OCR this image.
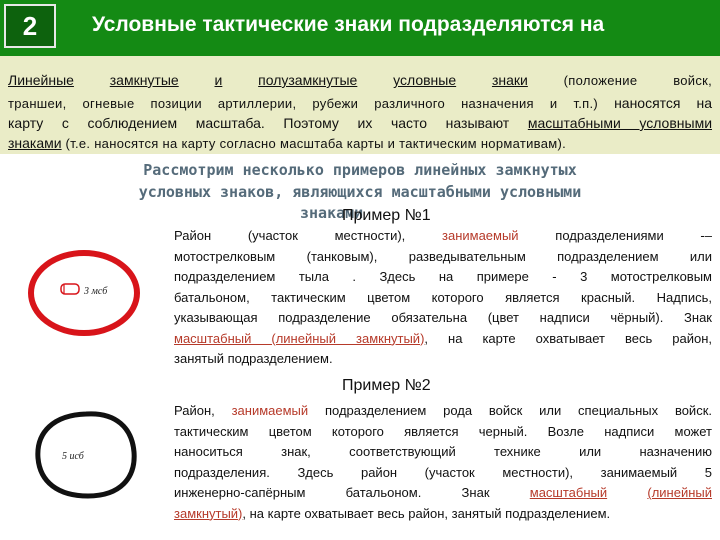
2	Условные тактические знаки подразделяются на
Линейные	замкнутые	и	полузамкнутые	условные	знаки	(положение войск,
траншеи, огневые позиции артиллерии, рубежи различного назначения и т.п.) наносятся на
карту с соблюдением масштаба. Поэтому их часто называют масштабными условными
знаками (т.е. наносятся на карту согласно масштаба карты и тактическим нормативам).
Рассмотрим несколько примеров линейных замкнутых
условных знаков, являющихся масштабными условными
знаками
Пример №1
3 мсб
Район (участок местности),	занимаемый	подразделениями -–
мотострелковым (танковым), разведывательным подразделением или
подразделением тыла . Здесь на примере - 3 мотострелковым
батальоном, тактическим цветом которого является красный. Надпись,
указывающая подразделение обязательна (цвет надписи чёрный). Знак
масштабный (линейный замкнутый), на карте охватывает весь район,
занятый подразделением.
Пример №2
5 исб
Район, занимаемый подразделением рода войск или специальных войск.
тактическим цветом которого является черный. Возле надписи может
наноситься знак, соответствующий технике или назначению
подразделения. Здесь район (участок местности), занимаемый 5
инженерно-сапёрным батальоном. Знак	масштабный	(линейный
замкнутый), на карте охватывает весь район, занятый подразделением.
